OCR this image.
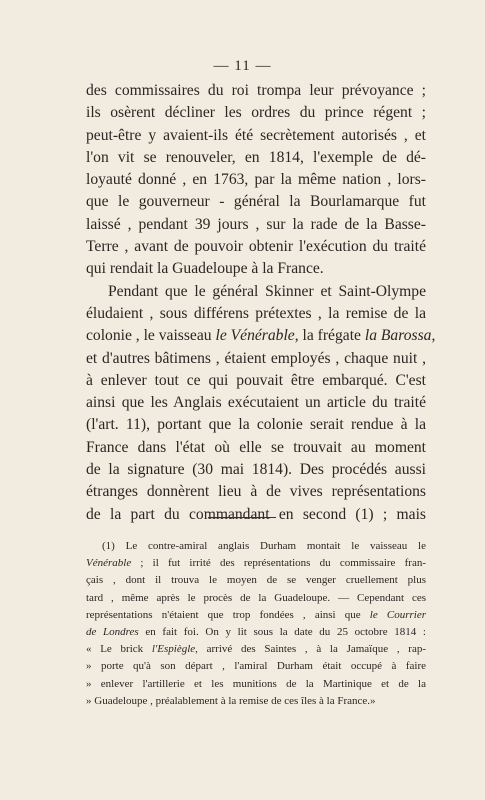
— 11 —

des commissaires du roi trompa leur prévoyance ;
ils osèrent décliner les ordres du prince régent ;
peut-être y avaient-ils été secrètement autorisés , et
l'on vit se renouveler, en 1814, l'exemple de dé-
loyauté donné , en 1763, par la même nation , lors-
que le gouverneur - général la Bourlamarque fut
laissé , pendant 39 jours , sur la rade de la Basse-
Terre , avant de pouvoir obtenir l'exécution du traité
qui rendait la Guadeloupe à la France.

Pendant que le général Skinner et Saint-Olympe
éludaient , sous différens prétextes , la remise de la
colonie , le vaisseau le Vénérable, la frégate la Barossa,
et d'autres bâtimens , étaient employés , chaque nuit ,
à enlever tout ce qui pouvait être embarqué. C'est
ainsi que les Anglais exécutaient un article du traité
(l'art. 11), portant que la colonie serait rendue à la
France dans l'état où elle se trouvait au moment
de la signature (30 mai 1814). Des procédés aussi
étranges donnèrent lieu à de vives représentations
de la part du commandant en second (1) ; mais

(1) Le contre-amiral anglais Durham montait le vaisseau le
Vénérable ; il fut irrité des représentations du commissaire fran-
çais , dont il trouva le moyen de se venger cruellement plus
tard , même après le procès de la Guadeloupe. — Cependant ces
représentations n'étaient que trop fondées , ainsi que le Courrier
de Londres en fait foi. On y lit sous la date du 25 octobre 1814 :
« Le brick l'Espiègle, arrivé des Saintes , à la Jamaïque , rap-
» porte qu'à son départ , l'amiral Durham était occupé à faire
» enlever l'artillerie et les munitions de la Martinique et de la
» Guadeloupe , préalablement à la remise de ces îles à la France.»
